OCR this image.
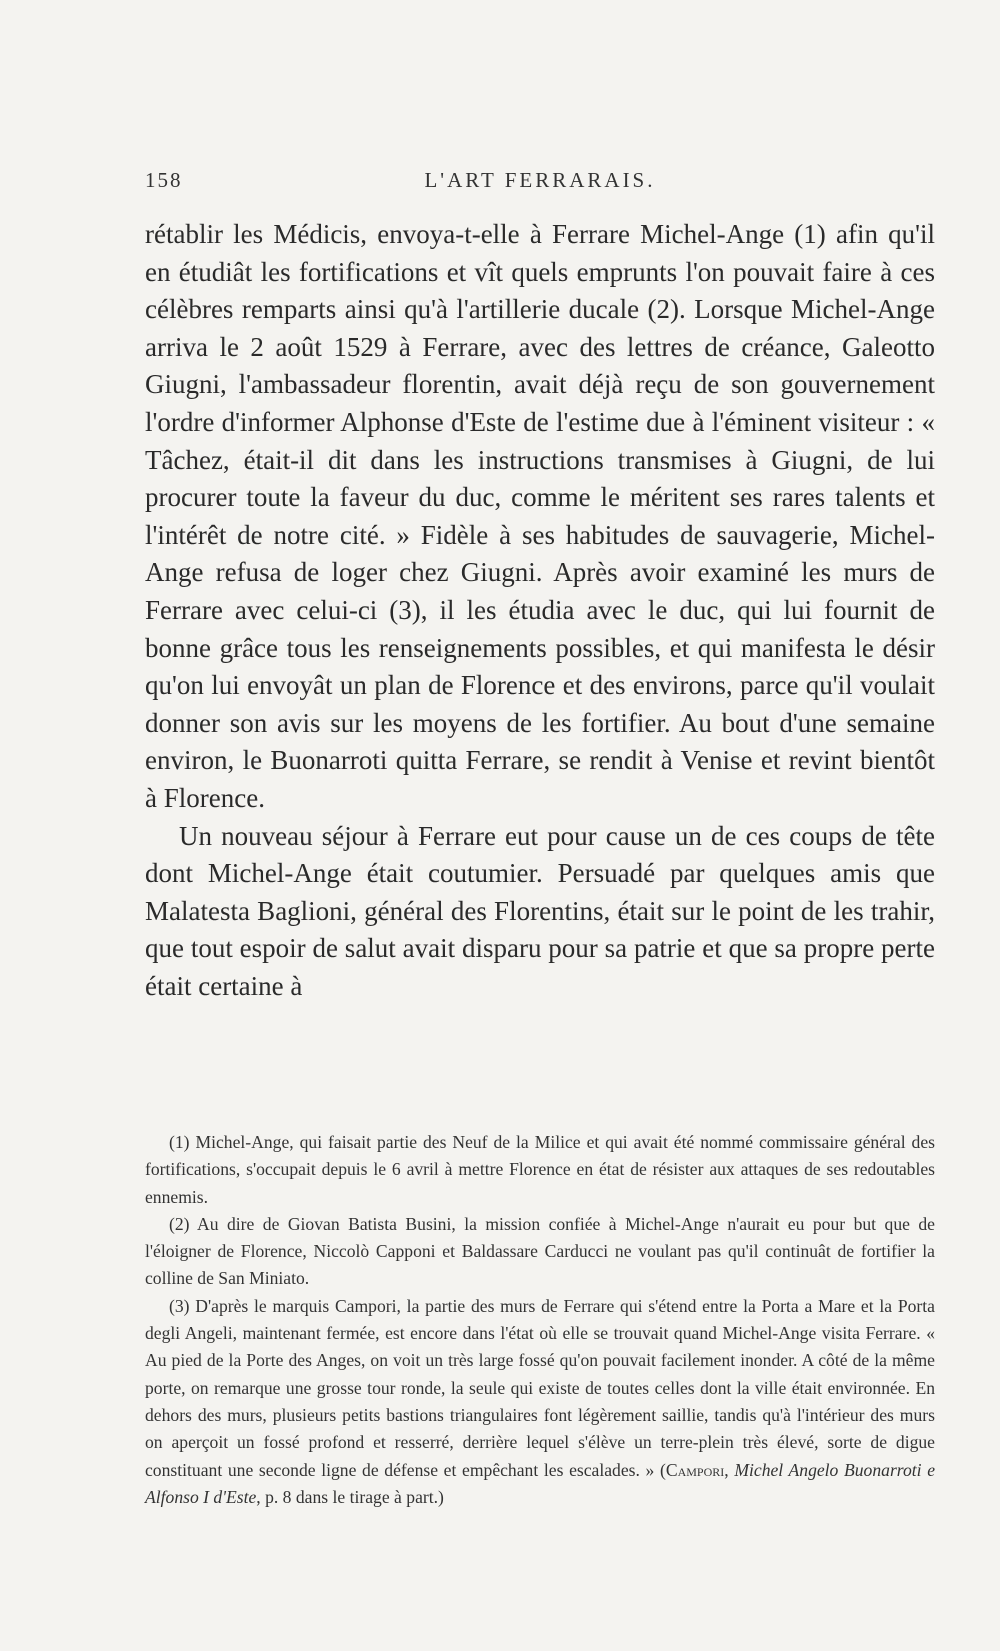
158	L'ART FERRARAIS.

rétablir les Médicis, envoya-t-elle à Ferrare Michel-Ange (1) afin qu'il en étudiât les fortifications et vît quels emprunts l'on pouvait faire à ces célèbres remparts ainsi qu'à l'artillerie ducale (2). Lorsque Michel-Ange arriva le 2 août 1529 à Ferrare, avec des lettres de créance, Galeotto Giugni, l'ambassadeur florentin, avait déjà reçu de son gouvernement l'ordre d'informer Alphonse d'Este de l'estime due à l'éminent visiteur : « Tâchez, était-il dit dans les instructions transmises à Giugni, de lui procurer toute la faveur du duc, comme le méritent ses rares talents et l'intérêt de notre cité. » Fidèle à ses habitudes de sauvagerie, Michel-Ange refusa de loger chez Giugni. Après avoir examiné les murs de Ferrare avec celui-ci (3), il les étudia avec le duc, qui lui fournit de bonne grâce tous les renseignements possibles, et qui manifesta le désir qu'on lui envoyât un plan de Florence et des environs, parce qu'il voulait donner son avis sur les moyens de les fortifier. Au bout d'une semaine environ, le Buonarroti quitta Ferrare, se rendit à Venise et revint bientôt à Florence.

Un nouveau séjour à Ferrare eut pour cause un de ces coups de tête dont Michel-Ange était coutumier. Persuadé par quelques amis que Malatesta Baglioni, général des Florentins, était sur le point de les trahir, que tout espoir de salut avait disparu pour sa patrie et que sa propre perte était certaine à

(1) Michel-Ange, qui faisait partie des Neuf de la Milice et qui avait été nommé commissaire général des fortifications, s'occupait depuis le 6 avril à mettre Florence en état de résister aux attaques de ses redoutables ennemis.

(2) Au dire de Giovan Batista Busini, la mission confiée à Michel-Ange n'aurait eu pour but que de l'éloigner de Florence, Niccolò Capponi et Baldassare Carducci ne voulant pas qu'il continuât de fortifier la colline de San Miniato.

(3) D'après le marquis Campori, la partie des murs de Ferrare qui s'étend entre la Porta a Mare et la Porta degli Angeli, maintenant fermée, est encore dans l'état où elle se trouvait quand Michel-Ange visita Ferrare. « Au pied de la Porte des Anges, on voit un très large fossé qu'on pouvait facilement inonder. A côté de la même porte, on remarque une grosse tour ronde, la seule qui existe de toutes celles dont la ville était environnée. En dehors des murs, plusieurs petits bastions triangulaires font légèrement saillie, tandis qu'à l'intérieur des murs on aperçoit un fossé profond et resserré, derrière lequel s'élève un terre-plein très élevé, sorte de digue constituant une seconde ligne de défense et empêchant les escalades. » (Campori, Michel Angelo Buonarroti e Alfonso I d'Este, p. 8 dans le tirage à part.)
